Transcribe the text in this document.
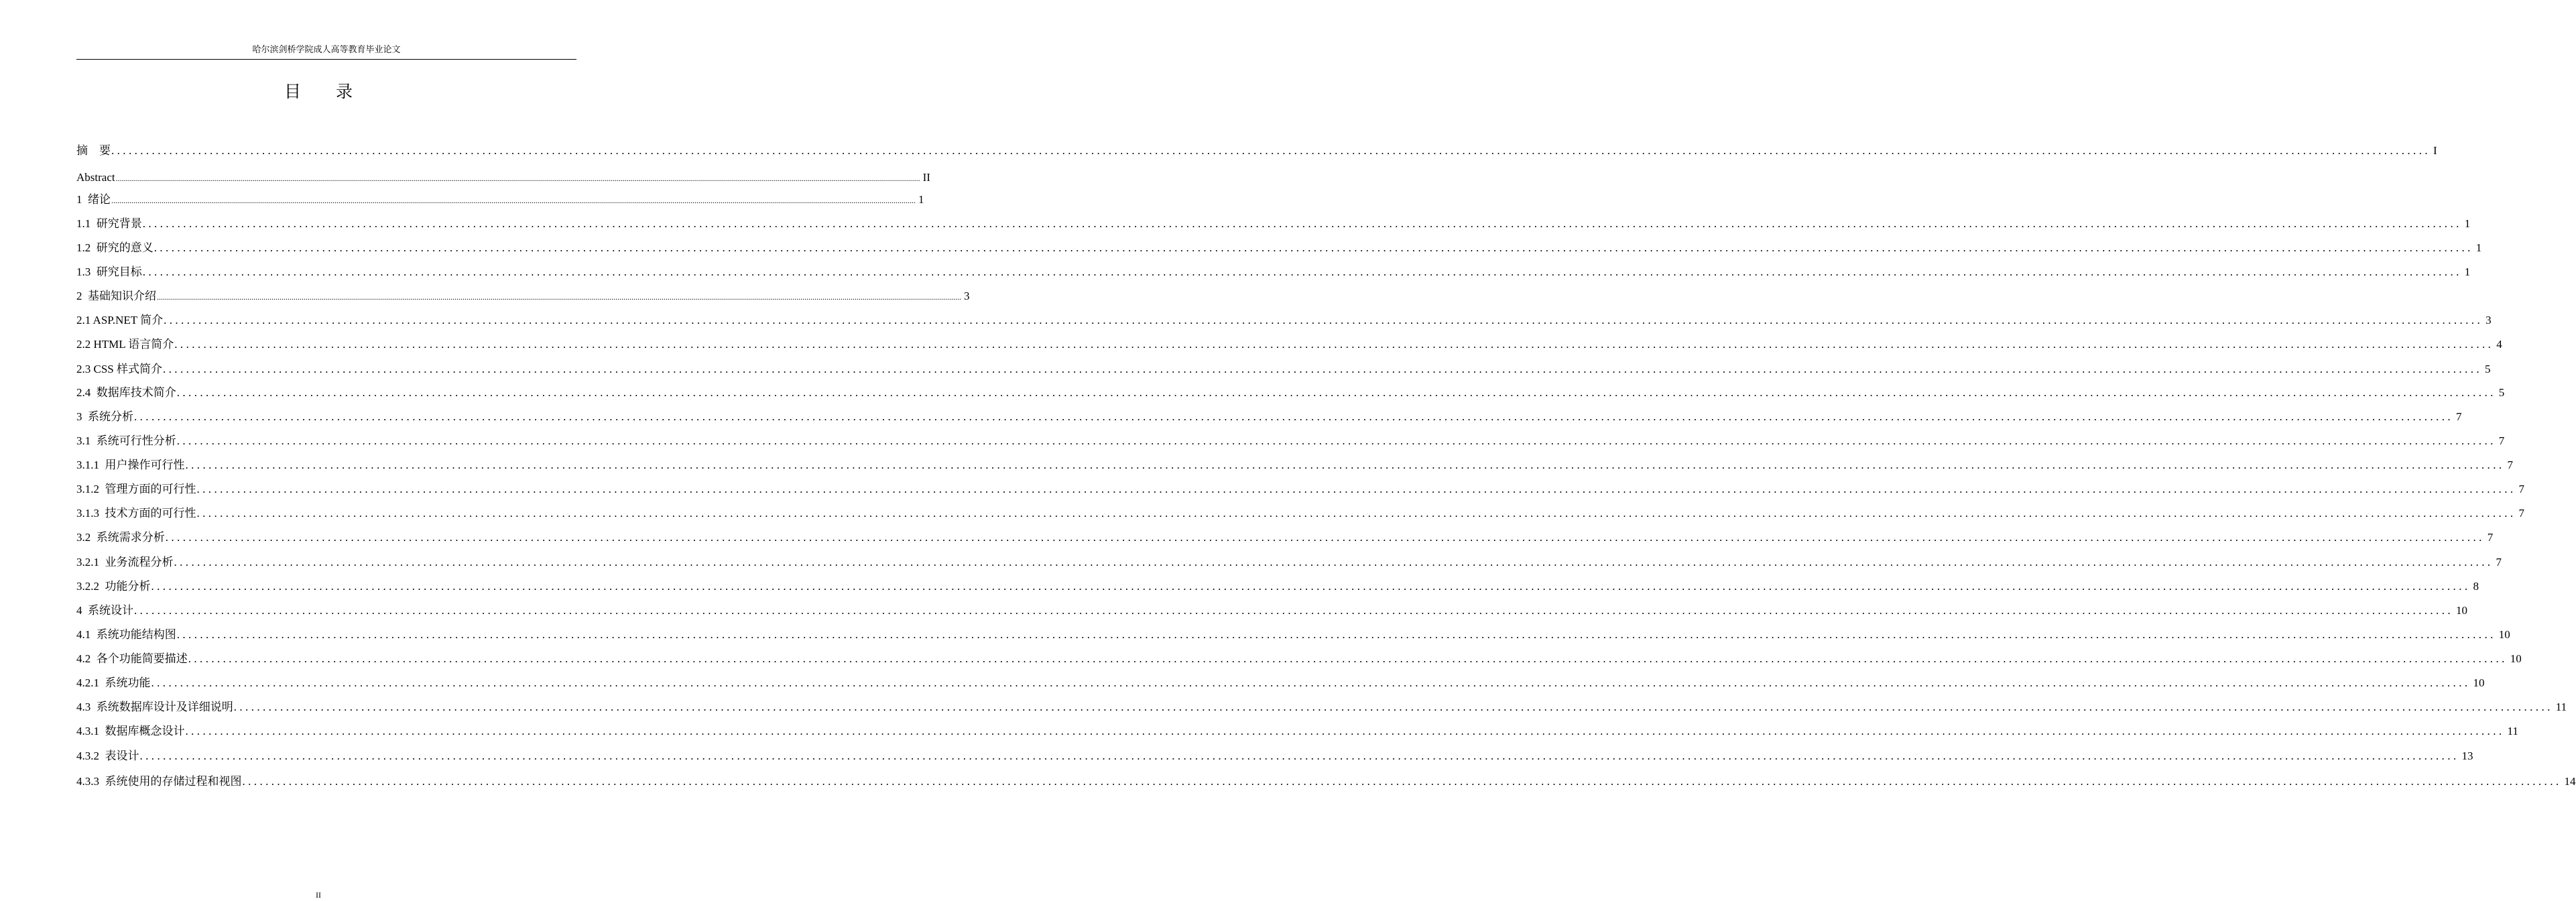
哈尔滨剑桥学院成人高等教育毕业论文
目 录
摘　要 ................................................................................................................................................................................................................................................................................................................................................................................................................ I
Abstract ................................................................................................................................................................................................................................................................................................................................................................................................................ II
1  绪论 ................................................................................................................................................................................................................................................................................................................................................................................................................ 1
1.1  研究背景 ................................................................................................................................................................................................................................................................................................................................................................................................................ 1
1.2  研究的意义 ................................................................................................................................................................................................................................................................................................................................................................................................................ 1
1.3  研究目标 ................................................................................................................................................................................................................................................................................................................................................................................................................ 1
2  基础知识介绍 ................................................................................................................................................................................................................................................................................................................................................................................................................ 3
2.1 ASP.NET 简介 ................................................................................................................................................................................................................................................................................................................................................................................................................ 3
2.2 HTML 语言简介 ................................................................................................................................................................................................................................................................................................................................................................................................................ 4
2.3 CSS 样式简介 ................................................................................................................................................................................................................................................................................................................................................................................................................ 5
2.4  数据库技术简介 ................................................................................................................................................................................................................................................................................................................................................................................................................ 5
3  系统分析 ................................................................................................................................................................................................................................................................................................................................................................................................................ 7
3.1  系统可行性分析 ................................................................................................................................................................................................................................................................................................................................................................................................................ 7
3.1.1  用户操作可行性 ................................................................................................................................................................................................................................................................................................................................................................................................................ 7
3.1.2  管理方面的可行性 ................................................................................................................................................................................................................................................................................................................................................................................................................ 7
3.1.3  技术方面的可行性 ................................................................................................................................................................................................................................................................................................................................................................................................................ 7
3.2  系统需求分析 ................................................................................................................................................................................................................................................................................................................................................................................................................ 7
3.2.1  业务流程分析 ................................................................................................................................................................................................................................................................................................................................................................................................................ 7
3.2.2  功能分析 ................................................................................................................................................................................................................................................................................................................................................................................................................ 8
4  系统设计 ................................................................................................................................................................................................................................................................................................................................................................................................................ 10
4.1  系统功能结构图 ................................................................................................................................................................................................................................................................................................................................................................................................................ 10
4.2  各个功能简要描述 ................................................................................................................................................................................................................................................................................................................................................................................................................ 10
4.2.1  系统功能 ................................................................................................................................................................................................................................................................................................................................................................................................................ 10
4.3  系统数据库设计及详细说明 ................................................................................................................................................................................................................................................................................................................................................................................................................ 11
4.3.1  数据库概念设计 ................................................................................................................................................................................................................................................................................................................................................................................................................ 11
4.3.2  表设计 ................................................................................................................................................................................................................................................................................................................................................................................................................ 13
4.3.3  系统使用的存储过程和视图 ................................................................................................................................................................................................................................................................................................................................................................................................................ 14
II
